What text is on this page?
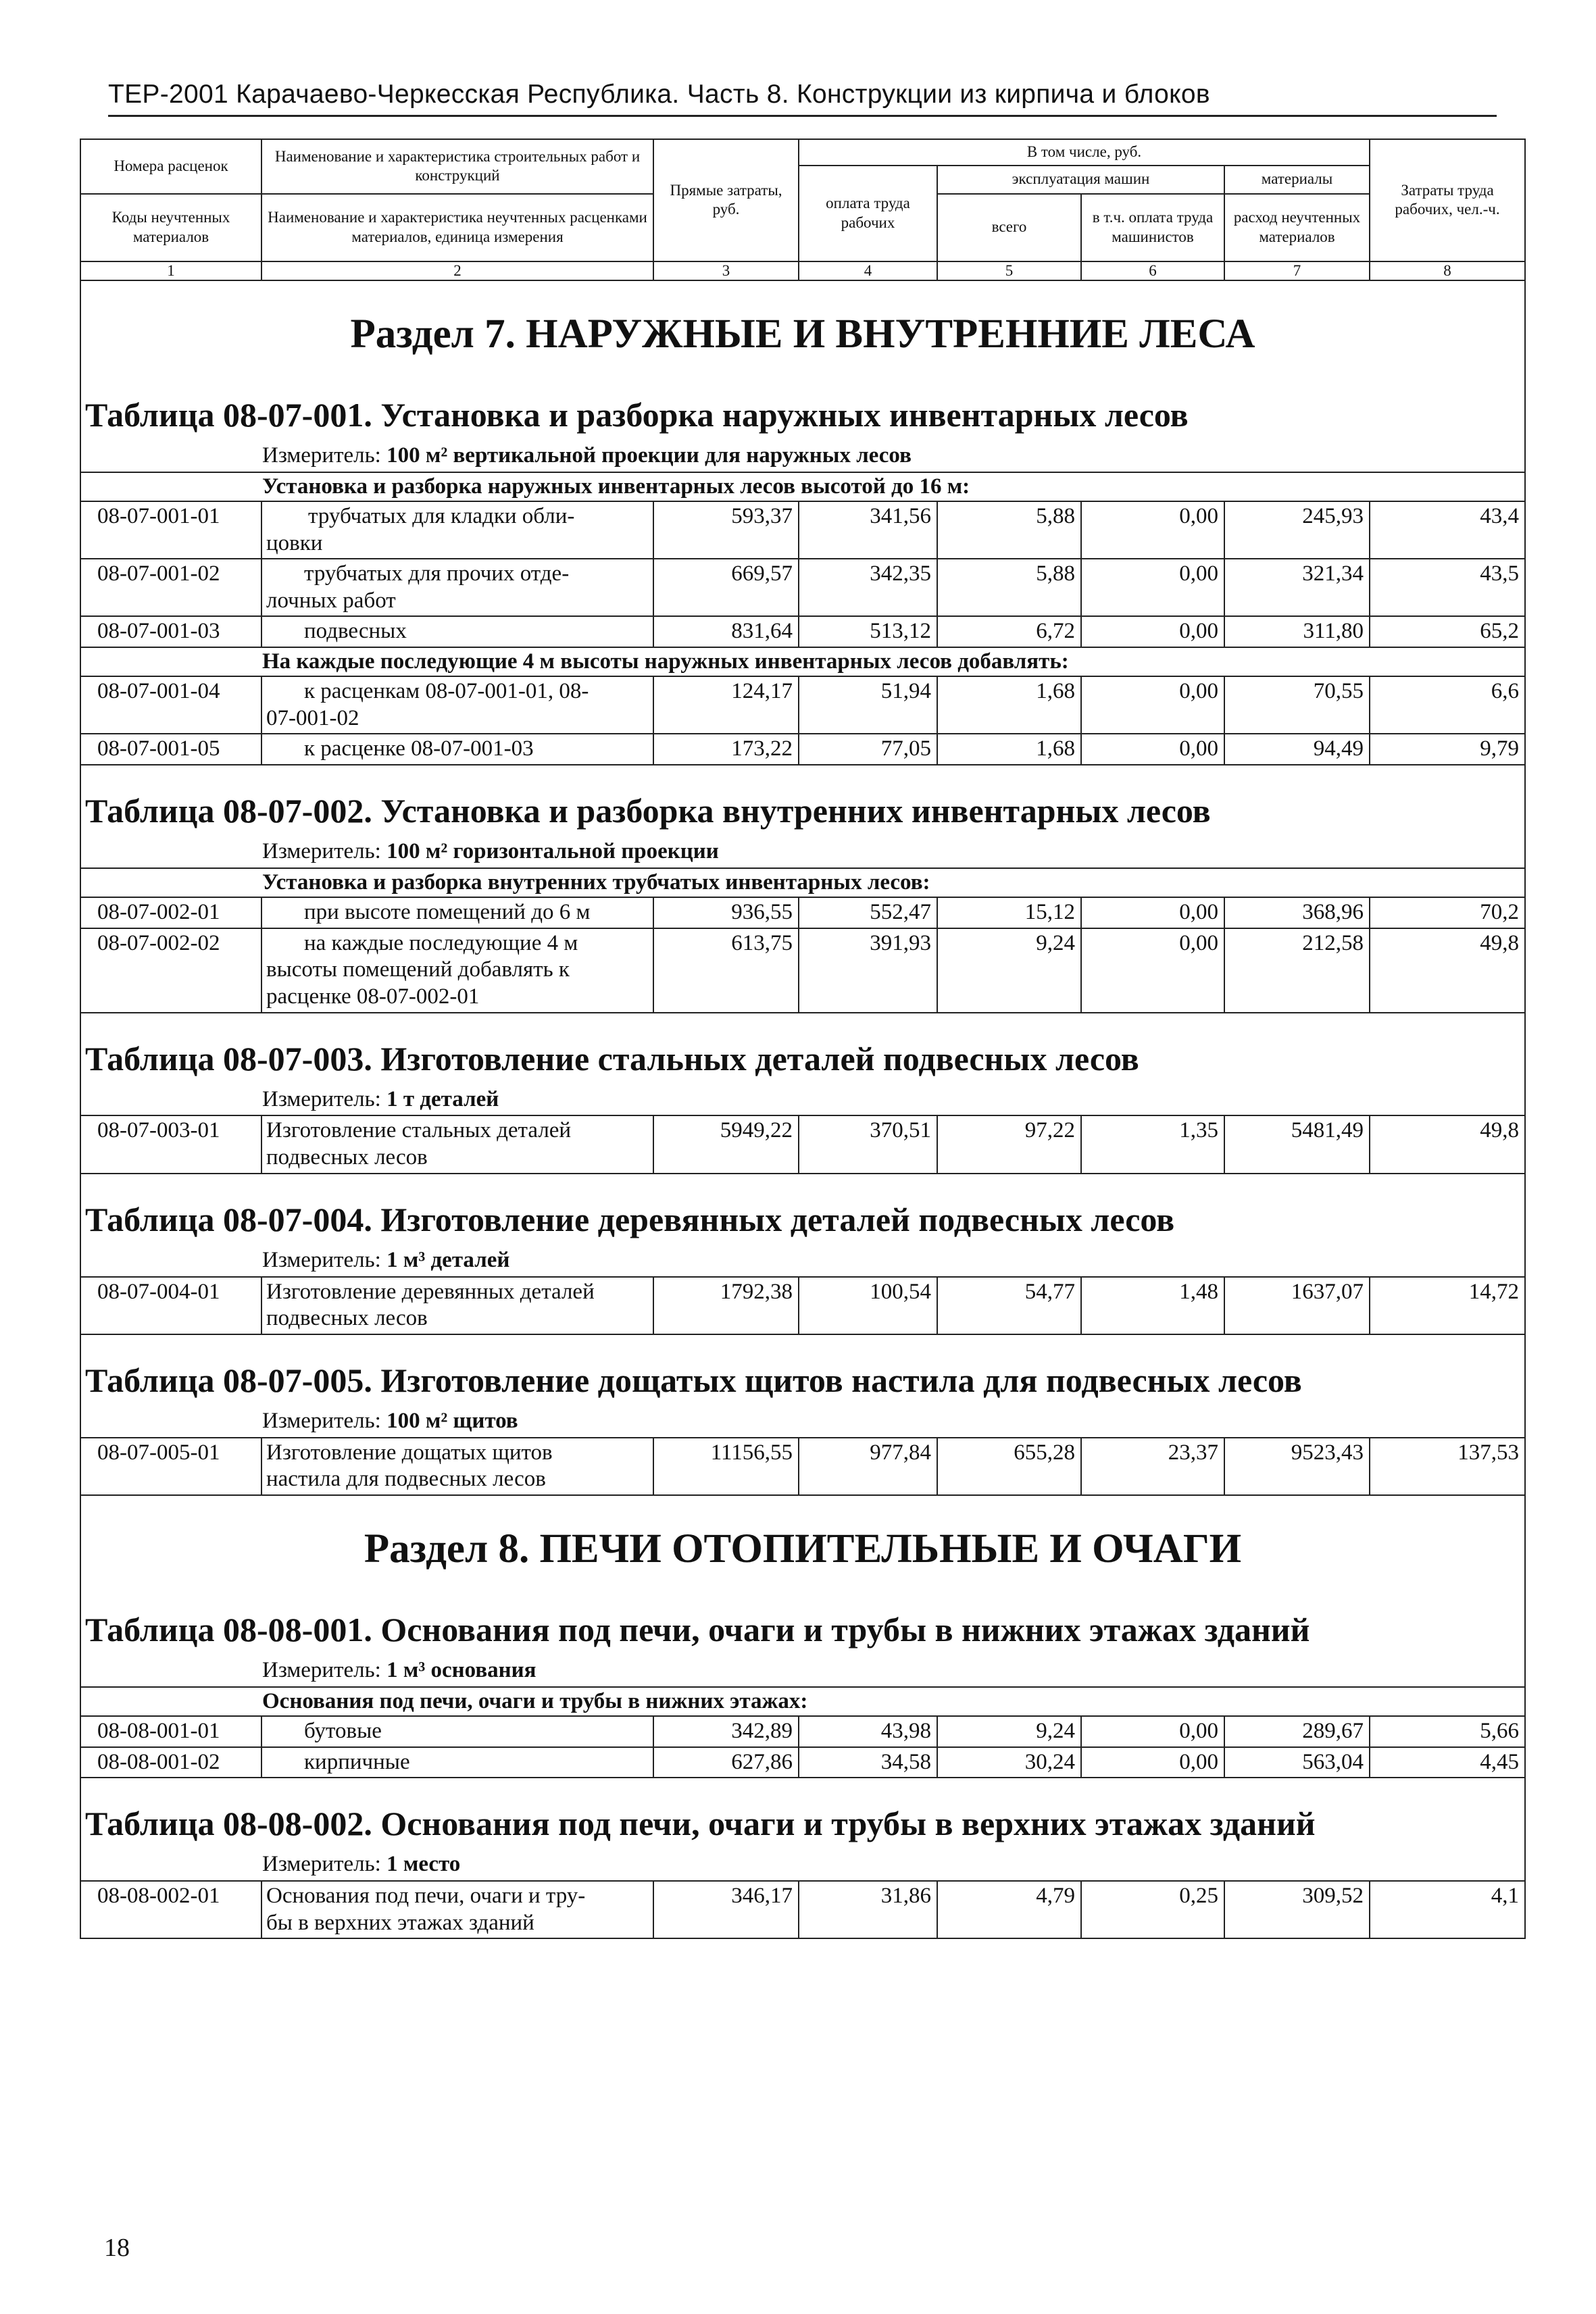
ТЕР-2001 Карачаево-Черкесская Республика. Часть 8. Конструкции из кирпича и блоков
Номера расценок	Наименование и характеристика строительных работ и конструкций	Прямые затраты, руб.	В том числе, руб.				Затраты труда рабочих, чел.-ч.
			оплата труда рабочих	эксплуатация машин		материалы	
Коды неучтенных материалов	Наименование и характеристика неучтенных расценками материалов, единица измерения			всего	в т.ч. оплата труда машинистов	расход неучтенных материалов	

1	2	3	4	5	6	7	8
Раздел 7. НАРУЖНЫЕ И ВНУТРЕННИЕ ЛЕСА							
Таблица 08-07-001. Установка и разборка наружных инвентарных лесов							
Измеритель: 100 м² вертикальной проекции для наружных лесов							
Установка и разборка наружных инвентарных лесов высотой до 16 м:							
08-07-001-01	трубчатых для кладки обли-
цовки	593,37	341,56	5,88	0,00	245,93	43,4
08-07-001-02	трубчатых для прочих отде-
лочных работ	669,57	342,35	5,88	0,00	321,34	43,5
08-07-001-03	подвесных	831,64	513,12	6,72	0,00	311,80	65,2
На каждые последующие 4 м высоты наружных инвентарных лесов добавлять:							
08-07-001-04	к расценкам 08-07-001-01, 08-
07-001-02	124,17	51,94	1,68	0,00	70,55	6,6
08-07-001-05	к расценке 08-07-001-03	173,22	77,05	1,68	0,00	94,49	9,79
Таблица 08-07-002. Установка и разборка внутренних инвентарных лесов							
Измеритель: 100 м² горизонтальной проекции							
Установка и разборка внутренних трубчатых инвентарных лесов:							
08-07-002-01	при высоте помещений до 6 м	936,55	552,47	15,12	0,00	368,96	70,2
08-07-002-02	на каждые последующие 4 м
высоты помещений добавлять к
расценке 08-07-002-01	613,75	391,93	9,24	0,00	212,58	49,8
Таблица 08-07-003. Изготовление стальных деталей подвесных лесов							
Измеритель: 1 т деталей							
08-07-003-01	Изготовление стальных деталей
подвесных лесов	5949,22	370,51	97,22	1,35	5481,49	49,8
Таблица 08-07-004. Изготовление деревянных деталей подвесных лесов							
Измеритель: 1 м³ деталей							
08-07-004-01	Изготовление деревянных деталей
подвесных лесов	1792,38	100,54	54,77	1,48	1637,07	14,72
Таблица 08-07-005. Изготовление дощатых щитов настила для подвесных лесов							
Измеритель: 100 м² щитов							
08-07-005-01	Изготовление дощатых щитов
настила для подвесных лесов	11156,55	977,84	655,28	23,37	9523,43	137,53
Раздел 8. ПЕЧИ ОТОПИТЕЛЬНЫЕ И ОЧАГИ							
Таблица 08-08-001. Основания под печи, очаги и трубы в нижних этажах зданий							
Измеритель: 1 м³ основания							
Основания под печи, очаги и трубы в нижних этажах:							
08-08-001-01	бутовые	342,89	43,98	9,24	0,00	289,67	5,66
08-08-001-02	кирпичные	627,86	34,58	30,24	0,00	563,04	4,45
Таблица 08-08-002. Основания под печи, очаги и трубы в верхних этажах зданий							
Измеритель: 1 место							
08-08-002-01	Основания под печи, очаги и тру-
бы в верхних этажах зданий	346,17	31,86	4,79	0,25	309,52	4,1
18
